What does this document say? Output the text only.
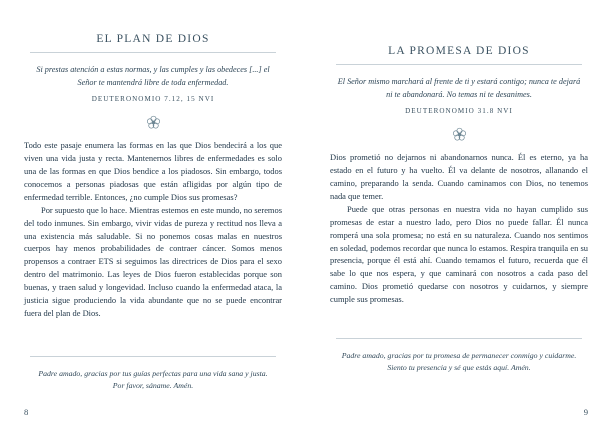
EL PLAN DE DIOS
Si prestas atención a estas normas, y las cumples y las obedeces [...] el Señor te mantendrá libre de toda enfermedad.
DEUTERONOMIO 7.12, 15 NVI

Todo este pasaje enumera las formas en las que Dios bendecirá a los que viven una vida justa y recta. Mantenernos libres de enfermedades es solo una de las formas en que Dios bendice a los piadosos. Sin embargo, todos conocemos a personas piadosas que están afligidas por algún tipo de enfermedad terrible. Entonces, ¿no cumple Dios sus promesas?

Por supuesto que lo hace. Mientras estemos en este mundo, no seremos del todo inmunes. Sin embargo, vivir vidas de pureza y rectitud nos lleva a una existencia más saludable. Si no ponemos cosas malas en nuestros cuerpos hay menos probabilidades de contraer cáncer. Somos menos propensos a contraer ETS si seguimos las directrices de Dios para el sexo dentro del matrimonio. Las leyes de Dios fueron establecidas porque son buenas, y traen salud y longevidad. Incluso cuando la enfermedad ataca, la justicia sigue produciendo la vida abundante que no se puede encontrar fuera del plan de Dios.

Padre amado, gracias por tus guías perfectas para una vida sana y justa. Por favor, sáname. Amén.
8
LA PROMESA DE DIOS
El Señor mismo marchará al frente de ti y estará contigo; nunca te dejará ni te abandonará. No temas ni te desanimes.
DEUTERONOMIO 31.8 NVI

Dios prometió no dejarnos ni abandonarnos nunca. Él es eterno, ya ha estado en el futuro y ha vuelto. Él va delante de nosotros, allanando el camino, preparando la senda. Cuando caminamos con Dios, no tenemos nada que temer.

Puede que otras personas en nuestra vida no hayan cumplido sus promesas de estar a nuestro lado, pero Dios no puede fallar. Él nunca romperá una sola promesa; no está en su naturaleza. Cuando nos sentimos en soledad, podemos recordar que nunca lo estamos. Respira tranquila en su presencia, porque él está ahí. Cuando temamos el futuro, recuerda que él sabe lo que nos espera, y que caminará con nosotros a cada paso del camino. Dios prometió quedarse con nosotros y cuidarnos, y siempre cumple sus promesas.

Padre amado, gracias por tu promesa de permanecer conmigo y cuidarme. Siento tu presencia y sé que estás aquí. Amén.
9
